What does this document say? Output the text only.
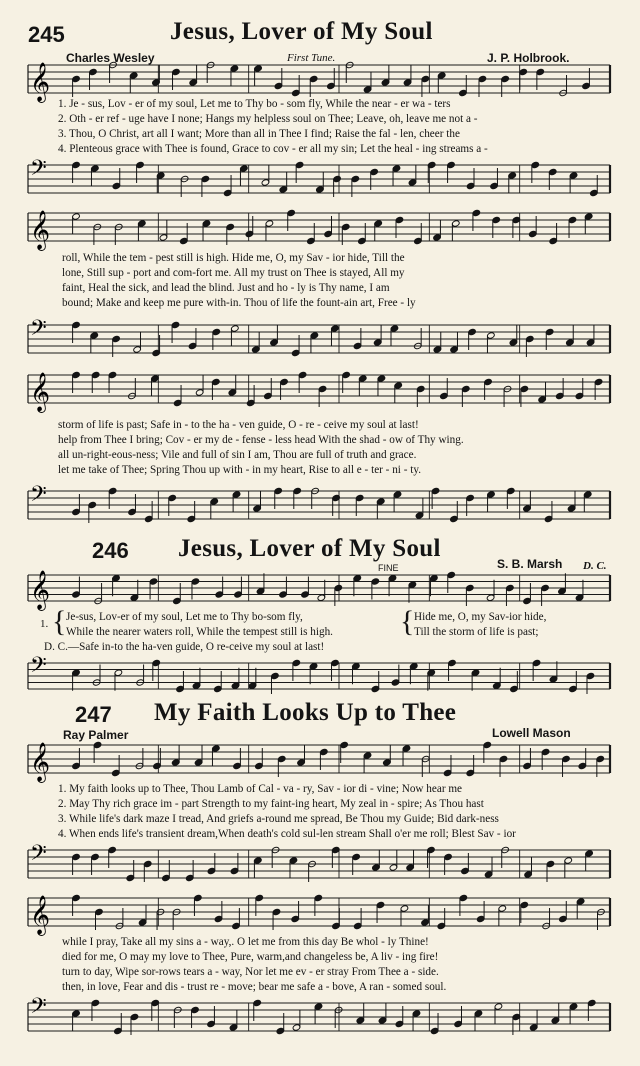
245	Jesus, Lover of My Soul
Charles Wesley	First Tune.	J. P. Holbrook.
𝄞
1. Je - sus, Lov - er of my soul, Let me to Thy bo - som fly, While the near - er wa - ters
2. Oth - er ref - uge have I none; Hangs my helpless soul on Thee; Leave, oh, leave me not a -
3. Thou, O Christ, art all I want; More than all in Thee I find; Raise the fal - len, cheer the
4. Plenteous grace with Thee is found, Grace to cov - er all my sin; Let the heal - ing streams a -
𝄢
𝄞
roll, While the tem - pest still is high. Hide me, O, my Sav - ior hide, Till the
lone, Still sup - port and com-fort me. All my trust on Thee is stayed, All my
faint, Heal the sick, and lead the blind. Just and ho - ly is Thy name, I am
bound; Make and keep me pure with-in. Thou of life the fount-ain art, Free - ly
𝄢
𝄞
storm of life is past; Safe in - to the ha - ven guide, O - re - ceive my soul at last!
help from Thee I bring; Cov - er my de - fense - less head With the shad - ow of Thy wing.
all un-right-eous-ness; Vile and full of sin I am, Thou are full of truth and grace.
let me take of Thee; Spring Thou up with - in my heart, Rise to all e - ter - ni - ty.
𝄢
246 Jesus, Lover of My Soul
FINE	S. B. Marsh D. C.
𝄞
1. { Je-sus, Lov-er of my soul, Let me to Thy bo-som fly,
While the nearer waters roll, While the tempest still is high. { Hide me, O, my Sav-ior hide,
Till the storm of life is past;
D. C.—Safe in-to the ha-ven guide, O re-ceive my soul at last!
𝄢
247 My Faith Looks Up to Thee
Ray Palmer	Lowell Mason
𝄞
1. My faith looks up to Thee, Thou Lamb of Cal - va - ry, Sav - ior di - vine; Now hear me
2. May Thy rich grace im - part Strength to my faint-ing heart, My zeal in - spire; As Thou hast
3. While life's dark maze I tread, And griefs a-round me spread, Be Thou my Guide; Bid dark-ness
4. When ends life's transient dream,When death's cold sul-len stream Shall o'er me roll; Blest Sav - ior
𝄢
𝄞
while I pray, Take all my sins a - way,. O let me from this day Be whol - ly Thine!
died for me, O may my love to Thee, Pure, warm,and changeless be, A liv - ing fire!
turn to day, Wipe sor-rows tears a - way, Nor let me ev - er stray From Thee a - side.
then, in love, Fear and dis - trust re - move; bear me safe a - bove, A ran - somed soul.
𝄢
